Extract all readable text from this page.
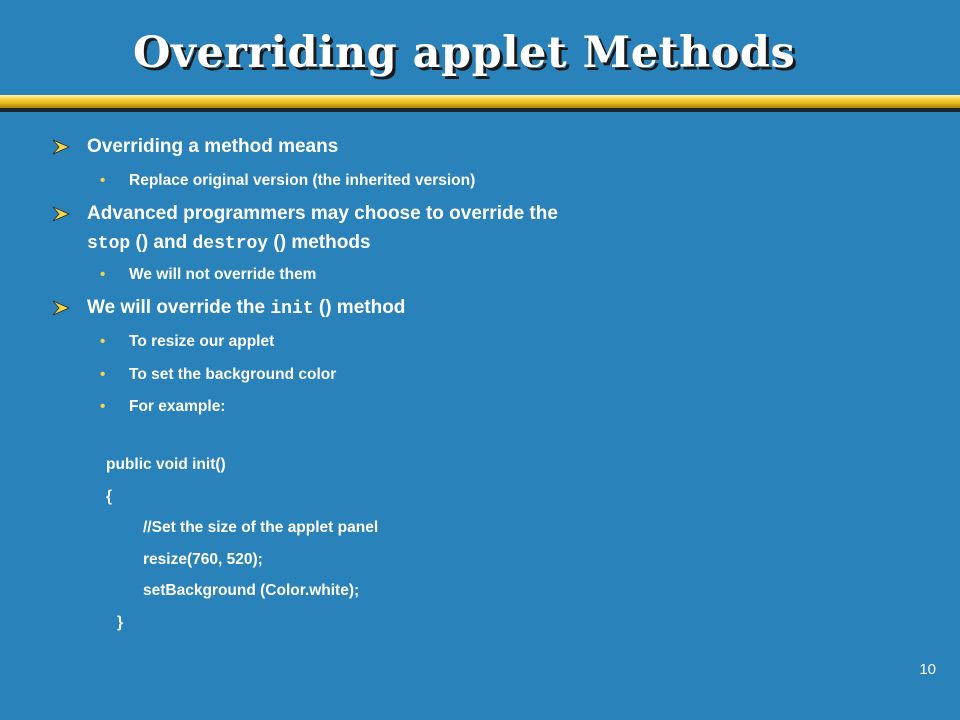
Overriding applet Methods
Overriding a method means
• Replace original version (the inherited version)
Advanced programmers may choose to override the
stop () and destroy () methods
• We will not override them
We will override the init () method
• To resize our applet
• To set the background color
• For example:
public void init()
{
//Set the size of the applet panel
resize(760, 520);
setBackground (Color.white);
}
10
